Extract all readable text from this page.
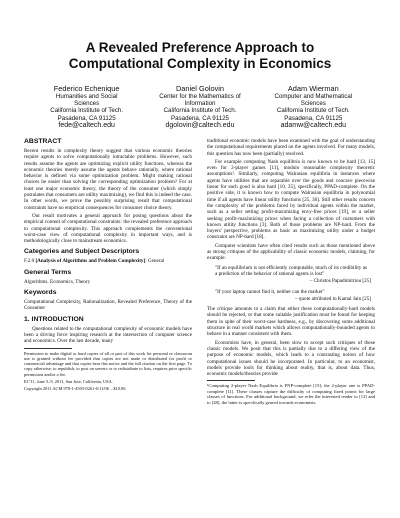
A Revealed Preference Approach to
Computational Complexity in Economics
Federico Echenique
Humanities and Social
Sciences
California Institute of Tech.
Pasadena, CA 91125
fede@caltech.edu
Daniel Golovin
Center for the Mathematics of
Information
California Institute of Tech.
Pasadena, CA 91125
dgolovin@caltech.edu
Adam Wierman
Computer and Mathematical
Sciences
California Institute of Tech.
Pasadena, CA 91125
adamw@caltech.edu
ABSTRACT

Recent results in complexity theory suggest that various economic theories require agents to solve computationally intractable problems. However, such results assume the agents are optimizing explicit utility functions, whereas the economic theories merely assume the agents behave rationally, where rational behavior is defined via some optimization problem. Might making rational choices be easier than solving the corresponding optimization problem? For at least one major economic theory, the theory of the consumer (which simply postulates that consumers are utility maximizing), we find this is indeed the case. In other words, we prove the possibly surprising result that computational constraints have no empirical consequences for consumer choice theory.

Our result motivates a general approach for posing questions about the empirical content of computational constraints: the revealed preference approach to computational complexity. This approach complements the conventional worst-case view of computational complexity in important ways, and is methodologically close to mainstream economics.

Categories and Subject Descriptors

F.2.0 [Analysis of Algorithms and Problem Complexity]: General

General Terms

Algorithms, Economics, Theory

Keywords

Computational Complexity, Rationalization, Revealed Preference, Theory of the Consumer

1. INTRODUCTION

Questions related to the computational complexity of economic models have been a driving force inspiring research at the intersection of computer science and economics. Over the last decade, many

Permission to make digital or hard copies of all or part of this work for personal or classroom use is granted without fee provided that copies are not made or distributed for profit or commercial advantage and that copies bear this notice and the full citation on the first page. To copy otherwise, to republish, to post on servers or to redistribute to lists, requires prior specific permission and/or a fee.

EC'11, June 5–9, 2011, San Jose, California, USA.

Copyright 2011 ACM 978-1-4503-0261-6/11/06 ...$10.00.

traditional economic models have been examined with the goal of understanding the computational requirements placed on the agents involved. For many models, this question has now been (partially) resolved.

For example computing Nash equilibria is now known to be hard [13, 15] even for 2-player games [11], modulo reasonable complexity theoretic assumptions¹. Similarly, computing Walrasian equilibria in instances where agents have utilities that are separable over the goods and concave piecewise linear for each good is also hard [10, 35], specifically, PPAD-complete. On the positive side, it is known how to compute Walrasian equilibria in polynomial time if all agents have linear utility functions [25, 36]. Still other results concern the complexity of the problems faced by individual agents within the market, such as a seller setting profit-maximizing envy-free prices [19], or a seller seeking profit-maximizing prices when facing a collection of customers with known utility functions [3]. Both of those problems are NP-hard. From the buyers' perspective, problems as basic as maximizing utility under a budget constraint are NP-hard [18].

Computer scientists have often cited results such as those mentioned above as strong critiques of the applicability of classic economic models, claiming, for example:

"If an equilibrium is not efficiently computable, much of its credibility as a prediction of the behavior of rational agents is lost"

– Christos Papadimitriou [25]

"If your laptop cannot find it, neither can the market"

– quote attributed to Kamal Jain [25]

The critique amounts to a claim that either these computationally-hard models should be rejected, or that some suitable justification must be found for keeping them in spite of their worst-case hardness, e.g., by discovering some additional structure in real world markets which allows computationally-bounded agents to behave in a manner consistent with them.

Economists have, in general, been slow to accept such critiques of these classic models. We posit that this is partially due to a differing view of the purpose of economic models, which leads to a contrasting notion of how computational issues should be incorporated. In particular, to an economist, models provide tools for thinking about reality, that is, about data. Thus, economic models/theories provide

¹Computing 2-player Nash Equilibria is FNP-complete [15]; the 2-player one is PPAD-complete [11]. These classes capture the difficulty of computing fixed points for large classes of functions. For additional background, we refer the interested reader to [12] and to [28], the latter is specifically geared towards economists.
